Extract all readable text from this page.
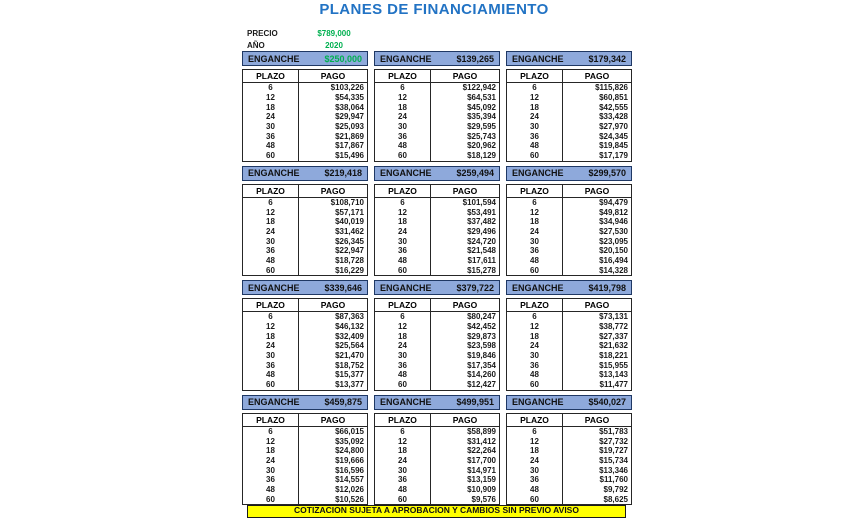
PLANES DE FINANCIAMIENTO
PRECIO	$789,000
AÑO	2020
ENGANCHE	$250,000
PLAZO	PAGO
6	$103,226
12	$54,335
18	$38,064
24	$29,947
30	$25,093
36	$21,869
48	$17,867
60	$15,496
ENGANCHE	$139,265
PLAZO	PAGO
6	$122,942
12	$64,531
18	$45,092
24	$35,394
30	$29,595
36	$25,743
48	$20,962
60	$18,129
ENGANCHE	$179,342
PLAZO	PAGO
6	$115,826
12	$60,851
18	$42,555
24	$33,428
30	$27,970
36	$24,345
48	$19,845
60	$17,179
ENGANCHE	$219,418
PLAZO	PAGO
6	$108,710
12	$57,171
18	$40,019
24	$31,462
30	$26,345
36	$22,947
48	$18,728
60	$16,229
ENGANCHE	$259,494
PLAZO	PAGO
6	$101,594
12	$53,491
18	$37,482
24	$29,496
30	$24,720
36	$21,548
48	$17,611
60	$15,278
ENGANCHE	$299,570
PLAZO	PAGO
6	$94,479
12	$49,812
18	$34,946
24	$27,530
30	$23,095
36	$20,150
48	$16,494
60	$14,328
ENGANCHE	$339,646
PLAZO	PAGO
6	$87,363
12	$46,132
18	$32,409
24	$25,564
30	$21,470
36	$18,752
48	$15,377
60	$13,377
ENGANCHE	$379,722
PLAZO	PAGO
6	$80,247
12	$42,452
18	$29,873
24	$23,598
30	$19,846
36	$17,354
48	$14,260
60	$12,427
ENGANCHE	$419,798
PLAZO	PAGO
6	$73,131
12	$38,772
18	$27,337
24	$21,632
30	$18,221
36	$15,955
48	$13,143
60	$11,477
ENGANCHE	$459,875
PLAZO	PAGO
6	$66,015
12	$35,092
18	$24,800
24	$19,666
30	$16,596
36	$14,557
48	$12,026
60	$10,526
ENGANCHE	$499,951
PLAZO	PAGO
6	$58,899
12	$31,412
18	$22,264
24	$17,700
30	$14,971
36	$13,159
48	$10,909
60	$9,576
ENGANCHE	$540,027
PLAZO	PAGO
6	$51,783
12	$27,732
18	$19,727
24	$15,734
30	$13,346
36	$11,760
48	$9,792
60	$8,625
COTIZACION SUJETA A APROBACION Y CAMBIOS SIN PREVIO AVISO
